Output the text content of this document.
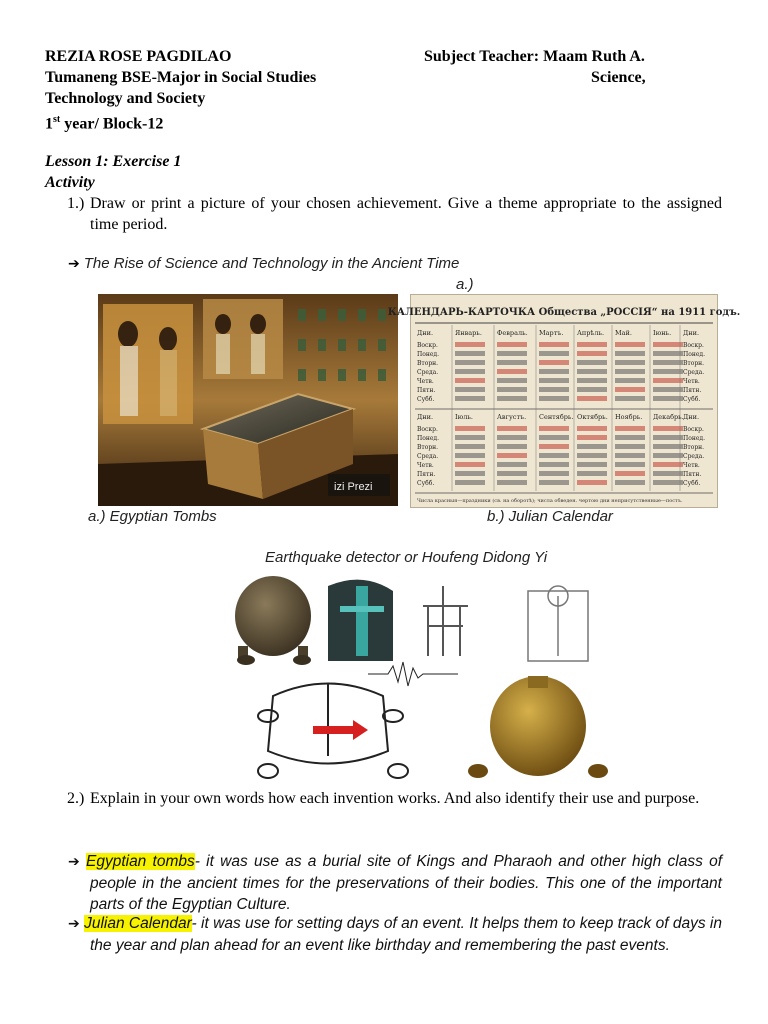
REZIA ROSE PAGDILAO	Subject Teacher: Maam Ruth A.
Tumaneng BSE-Major in Social Studies	Science,
Technology and Society
1st year/ Block-12
Lesson 1: Exercise 1
Activity
1.) Draw or print a picture of your chosen achievement. Give a theme appropriate to the assigned time period.
➔ The Rise of Science and Technology in the Ancient Time
a.)
izi Prezi
a.) Egyptian Tombs
КАЛЕНДАРЬ-КАРТОЧКА Общества „РОССIЯ“ на 1911 годъ.
Дни.	Январь. Февраль. Мартъ. Апрѣль. Май.	Iюнь. Дни.
Воскр.	Воскр.
Понед.	Понед.
Вторн.	Вторн.
Среда.	Среда.
Четв.	Четв.
Пятн.	Пятн.
Субб.	Субб.
Дни.	Iюль.	Августъ. Сентябрь. Октябрь. Ноябрь. Декабрь. Дни.
Воскр.	Воскр.
Понед.	Понед.
Вторн.	Вторн.
Среда.	Среда.
Четв.	Четв.
Пятн.	Пятн.
Субб.	Субб.
Числа красныя—праздники (св. на оборотѣ); числа обведен. чертою дни неприсутственные—постъ.
b.) Julian Calendar
Earthquake detector or Houfeng Didong Yi
2.) Explain in your own words how each invention works. And also identify their use and purpose.
➔ Egyptian tombs- it was use as a burial site of Kings and Pharaoh and other high class of people in the ancient times for the preservations of their bodies. This one of the important parts of the Egyptian Culture.
➔ Julian Calendar- it was use for setting days of an event. It helps them to keep track of days in the year and plan ahead for an event like birthday and remembering the past events.
